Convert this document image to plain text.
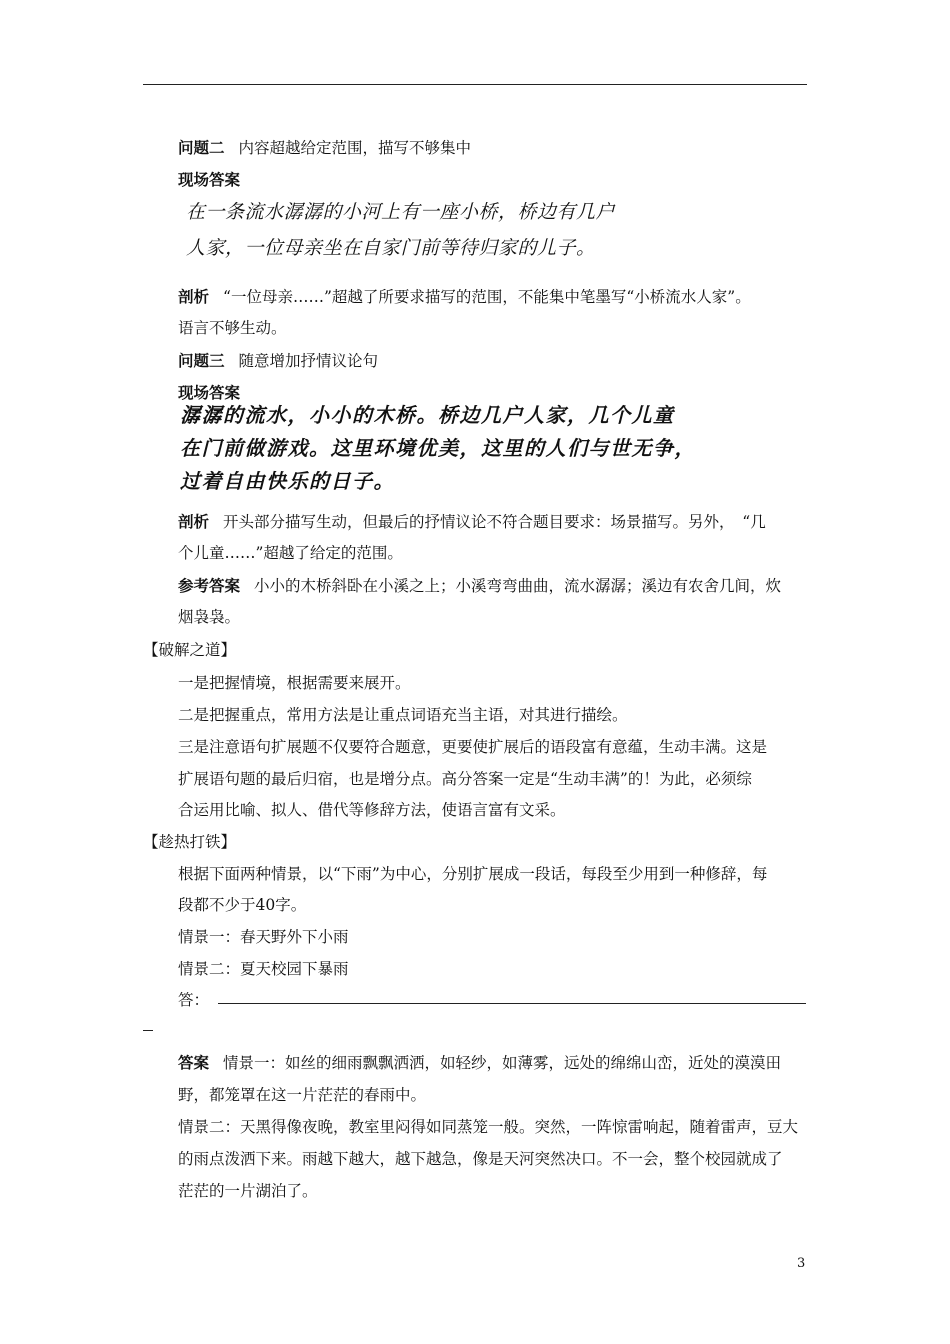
问题二 内容超越给定范围，描写不够集中
现场答案
在一条流水潺潺的小河上有一座小桥，桥边有几户
人家，一位母亲坐在自家门前等待归家的儿子。
剖析 “一位母亲……”超越了所要求描写的范围，不能集中笔墨写“小桥流水人家”。
语言不够生动。
问题三 随意增加抒情议论句
现场答案
潺潺的流水，小小的木桥。桥边几户人家，几个儿童
在门前做游戏。这里环境优美，这里的人们与世无争，
过着自由快乐的日子。
剖析 开头部分描写生动，但最后的抒情议论不符合题目要求：场景描写。另外，　“几
个儿童……”超越了给定的范围。
参考答案 小小的木桥斜卧在小溪之上；小溪弯弯曲曲，流水潺潺；溪边有农舍几间，炊
烟袅袅。
【破解之道】
一是把握情境，根据需要来展开。
二是把握重点，常用方法是让重点词语充当主语，对其进行描绘。
三是注意语句扩展题不仅要符合题意，更要使扩展后的语段富有意蕴，生动丰满。这是
扩展语句题的最后归宿，也是增分点。高分答案一定是“生动丰满”的！为此，必须综
合运用比喻、拟人、借代等修辞方法，使语言富有文采。
【趁热打铁】
根据下面两种情景，以“下雨”为中心，分别扩展成一段话，每段至少用到一种修辞，每
段都不少于40字。
情景一：春天野外下小雨
情景二：夏天校园下暴雨
答：
答案 情景一：如丝的细雨飘飘洒洒，如轻纱，如薄雾，远处的绵绵山峦，近处的漠漠田
野，都笼罩在这一片茫茫的春雨中。
情景二：天黑得像夜晚，教室里闷得如同蒸笼一般。突然，一阵惊雷响起，随着雷声，豆大
的雨点泼洒下来。雨越下越大，越下越急，像是天河突然决口。不一会，整个校园就成了
茫茫的一片湖泊了。
3
